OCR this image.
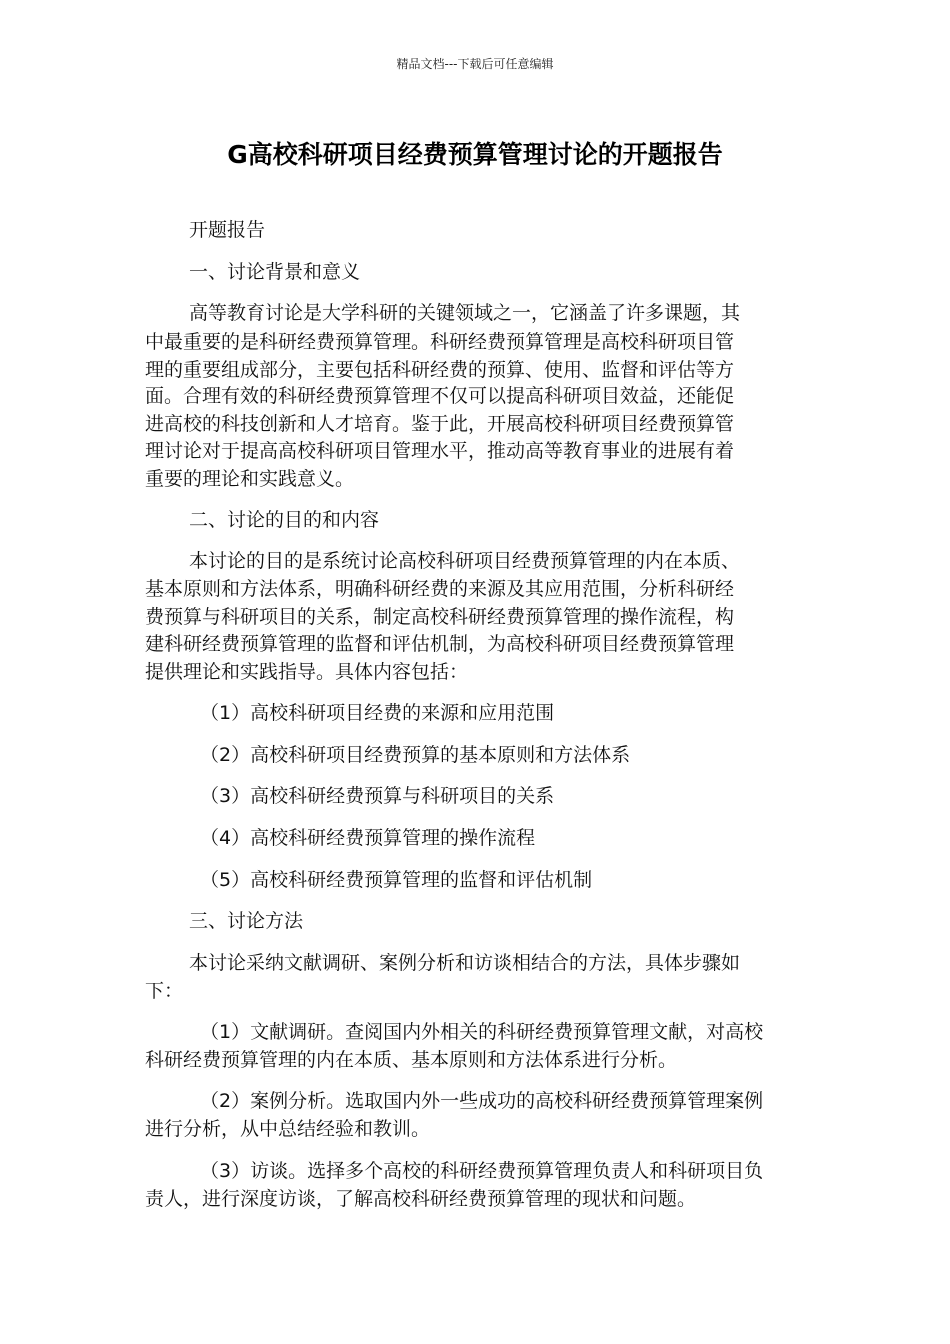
精品文档---下载后可任意编辑
G高校科研项目经费预算管理讨论的开题报告
开题报告
一、讨论背景和意义
高等教育讨论是大学科研的关键领域之一，它涵盖了许多课题，其
中最重要的是科研经费预算管理。科研经费预算管理是高校科研项目管
理的重要组成部分，主要包括科研经费的预算、使用、监督和评估等方
面。合理有效的科研经费预算管理不仅可以提高科研项目效益，还能促
进高校的科技创新和人才培育。鉴于此，开展高校科研项目经费预算管
理讨论对于提高高校科研项目管理水平，推动高等教育事业的进展有着
重要的理论和实践意义。
二、讨论的目的和内容
本讨论的目的是系统讨论高校科研项目经费预算管理的内在本质、
基本原则和方法体系，明确科研经费的来源及其应用范围，分析科研经
费预算与科研项目的关系，制定高校科研经费预算管理的操作流程，构
建科研经费预算管理的监督和评估机制，为高校科研项目经费预算管理
提供理论和实践指导。具体内容包括：
（1）高校科研项目经费的来源和应用范围
（2）高校科研项目经费预算的基本原则和方法体系
（3）高校科研经费预算与科研项目的关系
（4）高校科研经费预算管理的操作流程
（5）高校科研经费预算管理的监督和评估机制
三、讨论方法
本讨论采纳文献调研、案例分析和访谈相结合的方法，具体步骤如
下：
（1）文献调研。查阅国内外相关的科研经费预算管理文献，对高校
科研经费预算管理的内在本质、基本原则和方法体系进行分析。
（2）案例分析。选取国内外一些成功的高校科研经费预算管理案例
进行分析，从中总结经验和教训。
（3）访谈。选择多个高校的科研经费预算管理负责人和科研项目负
责人，进行深度访谈，了解高校科研经费预算管理的现状和问题。
